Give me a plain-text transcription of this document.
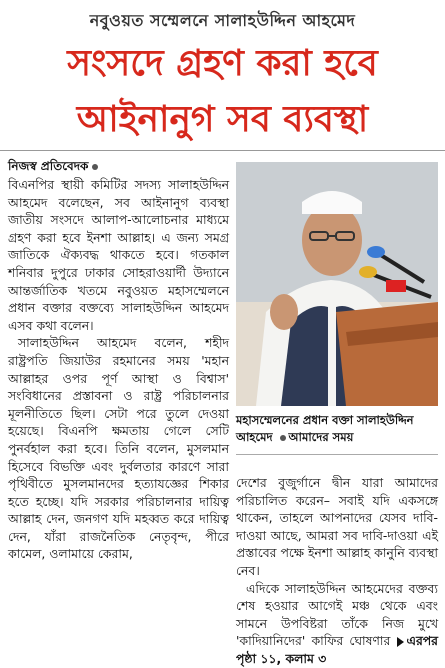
নবুওয়ত সম্মেলনে সালাহউদ্দিন আহমেদ
সংসদে গ্রহণ করা হবে
আইনানুগ সব ব্যবস্থা
নিজস্ব প্রতিবেদক

বিএনপির স্থায়ী কমিটির সদস্য সালাহউদ্দিন আহমেদ বলেছেন, সব আইনানুগ ব্যবস্থা জাতীয় সংসদে আলাপ-আলোচনার মাধ্যমে গ্রহণ করা হবে ইনশা আল্লাহ। এ জন্য সমগ্র জাতিকে ঐক্যবদ্ধ থাকতে হবে। গতকাল শনিবার দুপুরে ঢাকার সোহরাওয়ার্দী উদ্যানে আন্তর্জাতিক খতমে নবুওয়ত মহাসম্মেলনে প্রধান বক্তার বক্তব্যে সালাহউদ্দিন আহমেদ এসব কথা বলেন।

সালাহউদ্দিন আহমেদ বলেন, শহীদ রাষ্ট্রপতি জিয়াউর রহমানের সময় 'মহান আল্লাহর ওপর পূর্ণ আস্থা ও বিশ্বাস' সংবিধানের প্রস্তাবনা ও রাষ্ট্র পরিচালনার মূলনীতিতে ছিল। সেটা পরে তুলে দেওয়া হয়েছে। বিএনপি ক্ষমতায় গেলে সেটি পুনর্বহাল করা হবে। তিনি বলেন, মুসলমান হিসেবে বিভক্তি এবং দুর্বলতার কারণে সারা পৃথিবীতে মুসলমানদের হত্যাযজ্ঞের শিকার হতে হচ্ছে। যদি সরকার পরিচালনার দায়িত্ব আল্লাহ দেন, জনগণ যদি মহব্বত করে দায়িত্ব দেন, যাঁরা রাজনৈতিক নেতৃবৃন্দ, পীরে কামেল, ওলামায়ে কেরাম,

মহাসম্মেলনের প্রধান বক্তা সালাহউদ্দিন আহমেদ আমাদের সময়

দেশের বুজুর্গানে দ্বীন যারা আমাদের পরিচালিত করেন– সবাই যদি একসঙ্গে থাকেন, তাহলে আপনাদের যেসব দাবি-দাওয়া আছে, আমরা সব দাবি-দাওয়া এই প্রস্তাবের পক্ষে ইনশা আল্লাহ কানুনি ব্যবস্থা নেব।

এদিকে সালাহউদ্দিন আহমেদের বক্তব্য শেষ হওয়ার আগেই মঞ্চ থেকে এবং সামনে উপবিষ্টরা তাঁকে নিজ মুখে 'কাদিয়ানিদের' কাফির ঘোষণার এরপর পৃষ্ঠা ১১, কলাম ৩
